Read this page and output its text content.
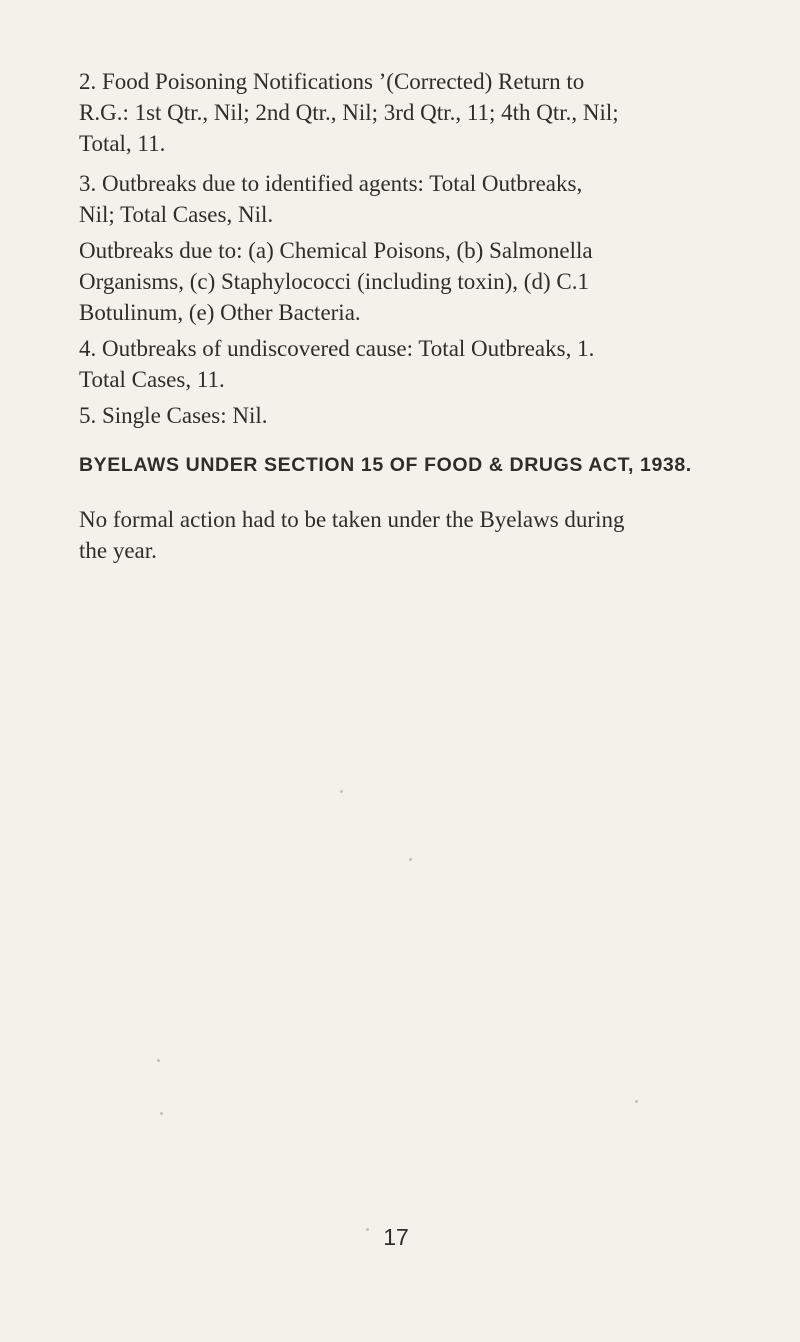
2. Food Poisoning Notifications ’(Corrected) Return to
R.G.: 1st Qtr., Nil; 2nd Qtr., Nil; 3rd Qtr., 11; 4th Qtr., Nil;
Total, 11.

3. Outbreaks due to identified agents: Total Outbreaks,
Nil; Total Cases, Nil.

Outbreaks due to: (a) Chemical Poisons, (b) Salmonella
Organisms, (c) Staphylococci (including toxin), (d) C.1
Botulinum, (e) Other Bacteria.

4. Outbreaks of undiscovered cause: Total Outbreaks, 1.
Total Cases, 11.

5. Single Cases: Nil.

BYELAWS UNDER SECTION 15 OF FOOD & DRUGS ACT, 1938.

No formal action had to be taken under the Byelaws during
the year.

17
